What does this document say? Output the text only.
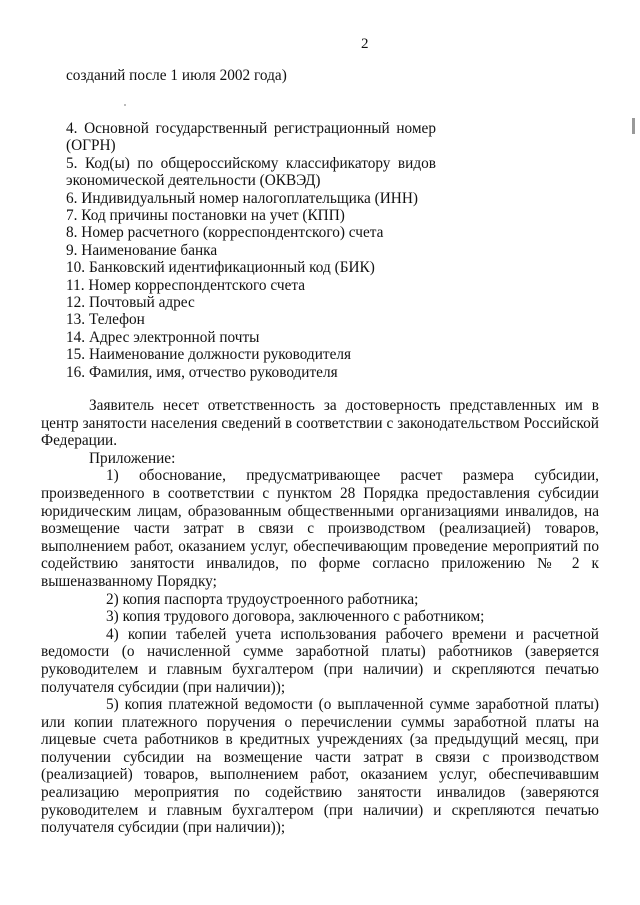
2
созданий после 1 июля 2002 года)
4. Основной государственный регистрационный номер (ОГРН)
5. Код(ы) по общероссийскому классификатору видов экономической деятельности (ОКВЭД)
6. Индивидуальный номер налогоплательщика (ИНН)
7. Код причины постановки на учет (КПП)
8. Номер расчетного (корреспондентского) счета
9. Наименование банка
10. Банковский идентификационный код (БИК)
11. Номер корреспондентского счета
12. Почтовый адрес
13. Телефон
14. Адрес электронной почты
15. Наименование должности руководителя
16. Фамилия, имя, отчество руководителя

Заявитель несет ответственность за достоверность представленных им в центр занятости населения сведений в соответствии с законодательством Российской Федерации.

Приложение:

1) обоснование, предусматривающее расчет размера субсидии, произведенного в соответствии с пунктом 28 Порядка предоставления субсидии юридическим лицам, образованным общественными организациями инвалидов, на возмещение части затрат в связи с производством (реализацией) товаров, выполнением работ, оказанием услуг, обеспечивающим проведение мероприятий по содействию занятости инвалидов, по форме согласно приложению № 2 к вышеназванному Порядку;

2) копия паспорта трудоустроенного работника;

3) копия трудового договора, заключенного с работником;

4) копии табелей учета использования рабочего времени и расчетной ведомости (о начисленной сумме заработной платы) работников (заверяется руководителем и главным бухгалтером (при наличии) и скрепляются печатью получателя субсидии (при наличии));

5) копия платежной ведомости (о выплаченной сумме заработной платы) или копии платежного поручения о перечислении суммы заработной платы на лицевые счета работников в кредитных учреждениях (за предыдущий месяц, при получении субсидии на возмещение части затрат в связи с производством (реализацией) товаров, выполнением работ, оказанием услуг, обеспечивавшим реализацию мероприятия по содействию занятости инвалидов (заверяются руководителем и главным бухгалтером (при наличии) и скрепляются печатью получателя субсидии (при наличии));
